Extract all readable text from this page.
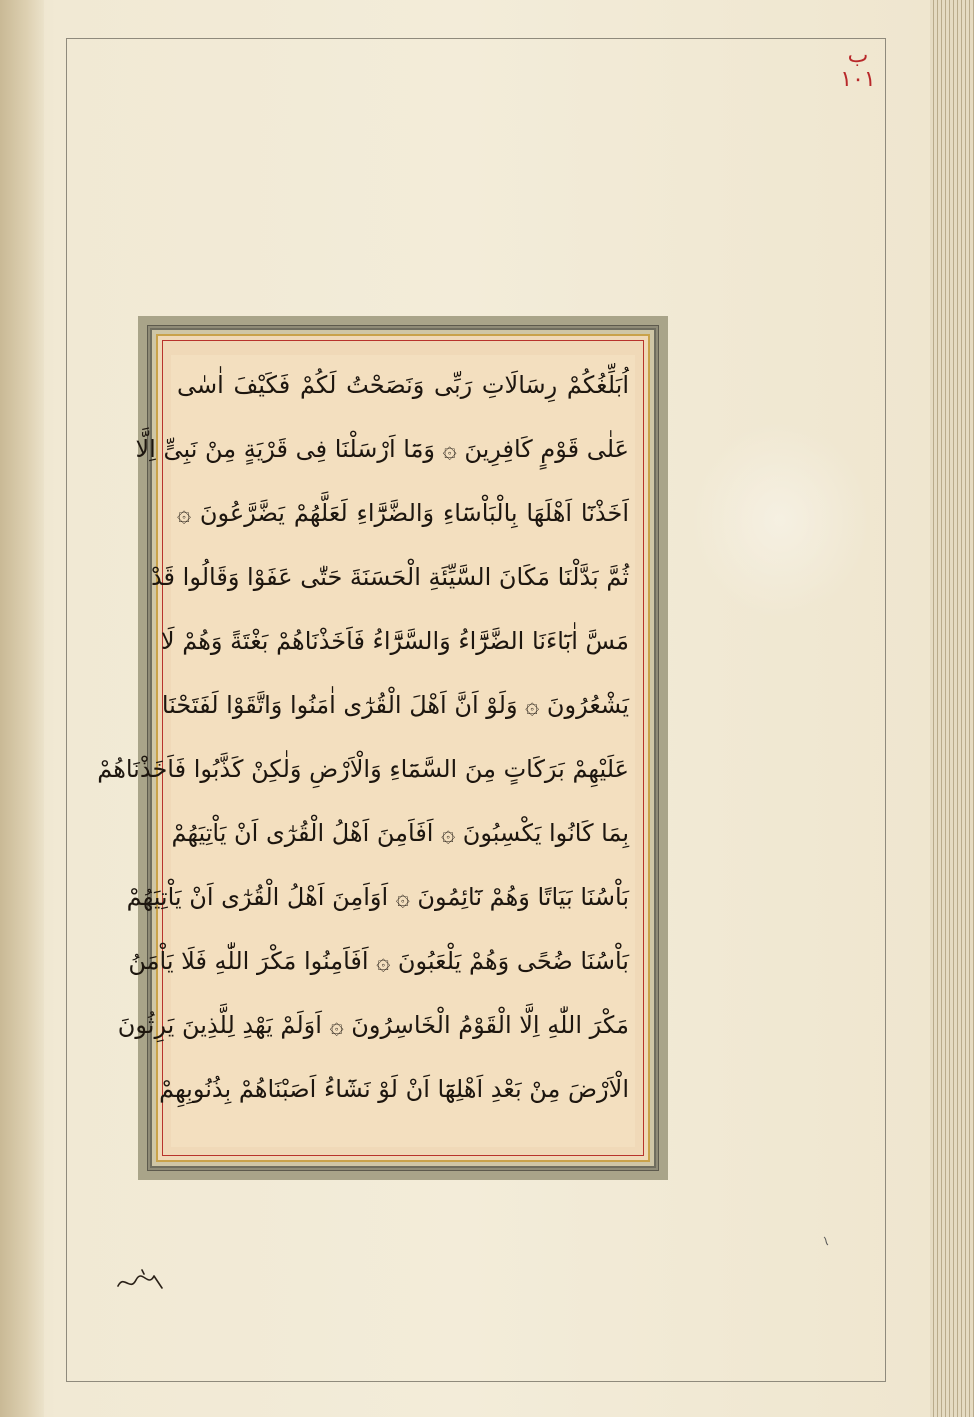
ب ١٠١
اُبَلِّغُكُمْ رِسَالَاتِ رَبِّى وَنَصَحْتُ لَكُمْ فَكَيْفَ اٰسٰى
عَلٰى قَوْمٍ كَافِرِينَ ۞ وَمَٓا اَرْسَلْنَا فِى قَرْيَةٍ مِنْ نَبِىٍّ اِلَّا
اَخَذْنَٓا اَهْلَهَا بِالْبَاْسَٓاءِ وَالضَّرَّٓاءِ لَعَلَّهُمْ يَضَّرَّعُونَ ۞
ثُمَّ بَدَّلْنَا مَكَانَ السَّيِّئَةِ الْحَسَنَةَ حَتّٰى عَفَوْا وَقَالُوا قَدْ
مَسَّ اٰبَٓاءَنَا الضَّرَّٓاءُ وَالسَّرَّٓاءُ فَاَخَذْنَاهُمْ بَغْتَةً وَهُمْ لَا
يَشْعُرُونَ ۞ وَلَوْ اَنَّ اَهْلَ الْقُرٰٓى اٰمَنُوا وَاتَّقَوْا لَفَتَحْنَا
عَلَيْهِمْ بَرَكَاتٍ مِنَ السَّمَٓاءِ وَالْاَرْضِ وَلٰكِنْ كَذَّبُوا فَاَخَذْنَاهُمْ
بِمَا كَانُوا يَكْسِبُونَ ۞ اَفَاَمِنَ اَهْلُ الْقُرٰٓى اَنْ يَاْتِيَهُمْ
بَاْسُنَا بَيَاتًا وَهُمْ نَٓائِمُونَ ۞ اَوَاَمِنَ اَهْلُ الْقُرٰٓى اَنْ يَاْتِيَهُمْ
بَاْسُنَا ضُحًى وَهُمْ يَلْعَبُونَ ۞ اَفَاَمِنُوا مَكْرَ اللّٰهِ فَلَا يَاْمَنُ
مَكْرَ اللّٰهِ اِلَّا الْقَوْمُ الْخَاسِرُونَ ۞ اَوَلَمْ يَهْدِ لِلَّذِينَ يَرِثُونَ
الْاَرْضَ مِنْ بَعْدِ اَهْلِهَٓا اَنْ لَوْ نَشَٓاءُ اَصَبْنَاهُمْ بِذُنُوبِهِمْ
